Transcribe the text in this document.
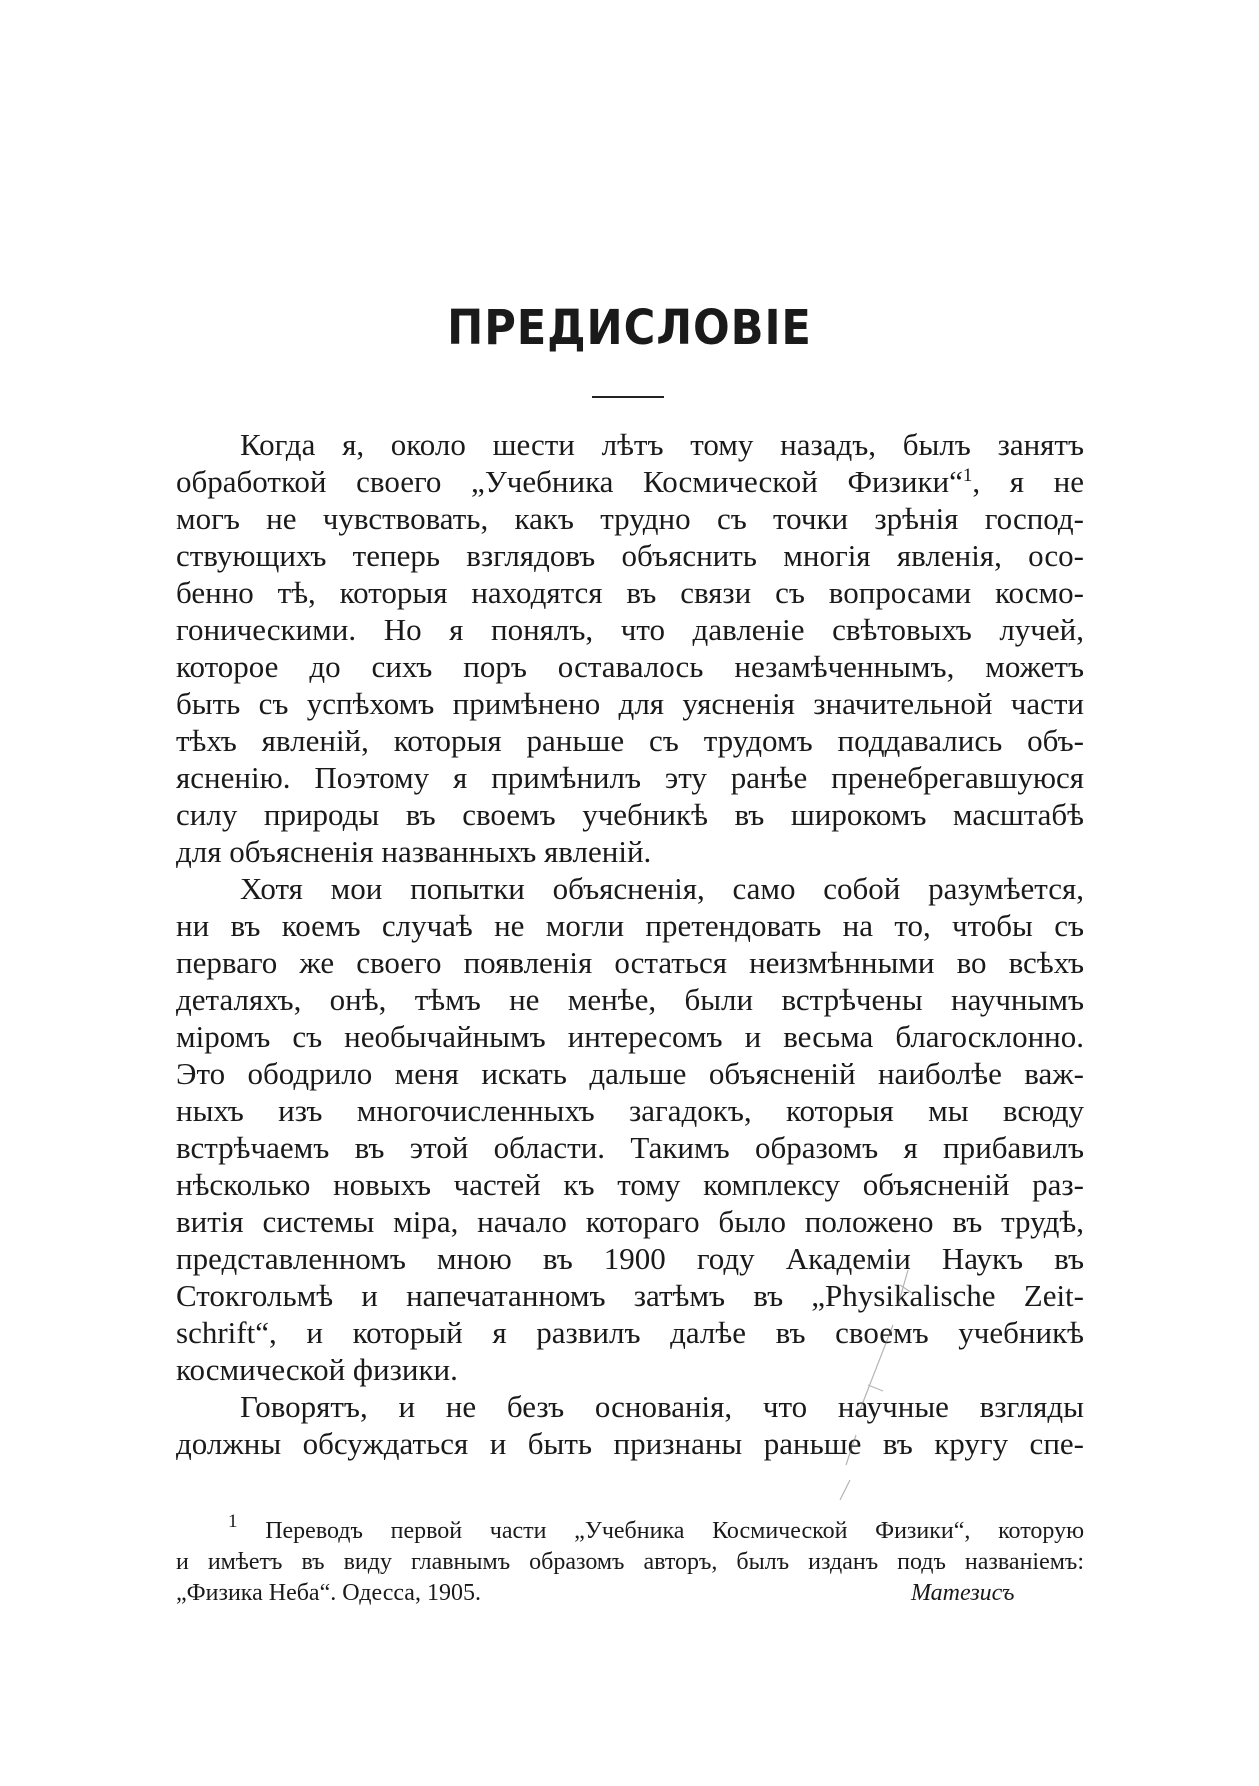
ПРЕДИСЛОВІЕ
Когда я, около шести лѣтъ тому назадъ, былъ занятъ
обработкой своего „Учебника Космической Физики“$^1$, я не
могъ не чувствовать, какъ трудно съ точки зрѣнія господ-
ствующихъ теперь взглядовъ объяснить многія явленія, осо-
бенно тѣ, которыя находятся въ связи съ вопросами космо-
гоническими. Но я понялъ, что давленіе свѣтовыхъ лучей,
которое до сихъ поръ оставалось незамѣченнымъ, можетъ
быть съ успѣхомъ примѣнено для уясненія значительной части
тѣхъ явленій, которыя раньше съ трудомъ поддавались объ-
ясненію. Поэтому я примѣнилъ эту ранѣе пренебрегавшуюся
силу природы въ своемъ учебникѣ въ широкомъ масштабѣ
для объясненія названныхъ явленій.
Хотя мои попытки объясненія, само собой разумѣется,
ни въ коемъ случаѣ не могли претендовать на то, чтобы съ
перваго же своего появленія остаться неизмѣнными во всѣхъ
деталяхъ, онѣ, тѣмъ не менѣе, были встрѣчены научнымъ
міромъ съ необычайнымъ интересомъ и весьма благосклонно.
Это ободрило меня искать дальше объясненій наиболѣе важ-
ныхъ изъ многочисленныхъ загадокъ, которыя мы всюду
встрѣчаемъ въ этой области. Такимъ образомъ я прибавилъ
нѣсколько новыхъ частей къ тому комплексу объясненій раз-
витія системы міра, начало котораго было положено въ трудѣ,
представленномъ мною въ 1900 году Академіи Наукъ въ
Стокгольмѣ и напечатанномъ затѣмъ въ „Physikalische Zeit-
schrift“, и который я развилъ далѣе въ своемъ учебникѣ
космической физики.
Говорятъ, и не безъ основанія, что научные взгляды
должны обсуждаться и быть признаны раньше въ кругу спе-
$^1$ Переводъ первой части „Учебника Космической Физики“, которую
и имѣетъ въ виду главнымъ образомъ авторъ, былъ изданъ подъ названіемъ:
„Физика Неба“. Одесса, 1905.	Матезисъ
